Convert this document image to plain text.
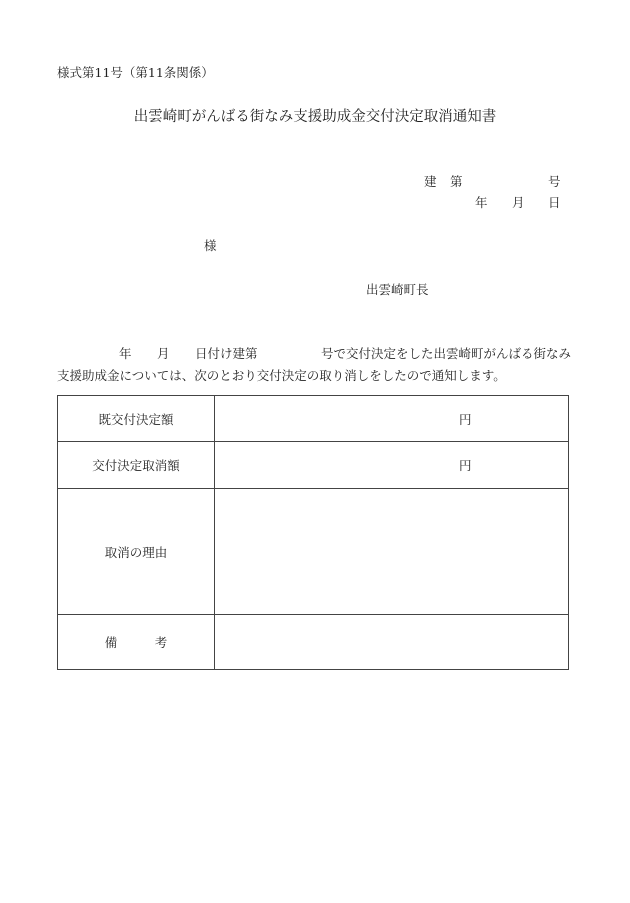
様式第11号（第11条関係）
出雲崎町がんばる街なみ支援助成金交付決定取消通知書
建 第	号
年 月 日
様
出雲崎町長
年 月 日付け建第	号で交付決定をした出雲崎町がんばる街なみ
支援助成金については、次のとおり交付決定の取り消しをしたので通知します。
既交付決定額	円

交付決定取消額	円

取消の理由	
備　　　考	
